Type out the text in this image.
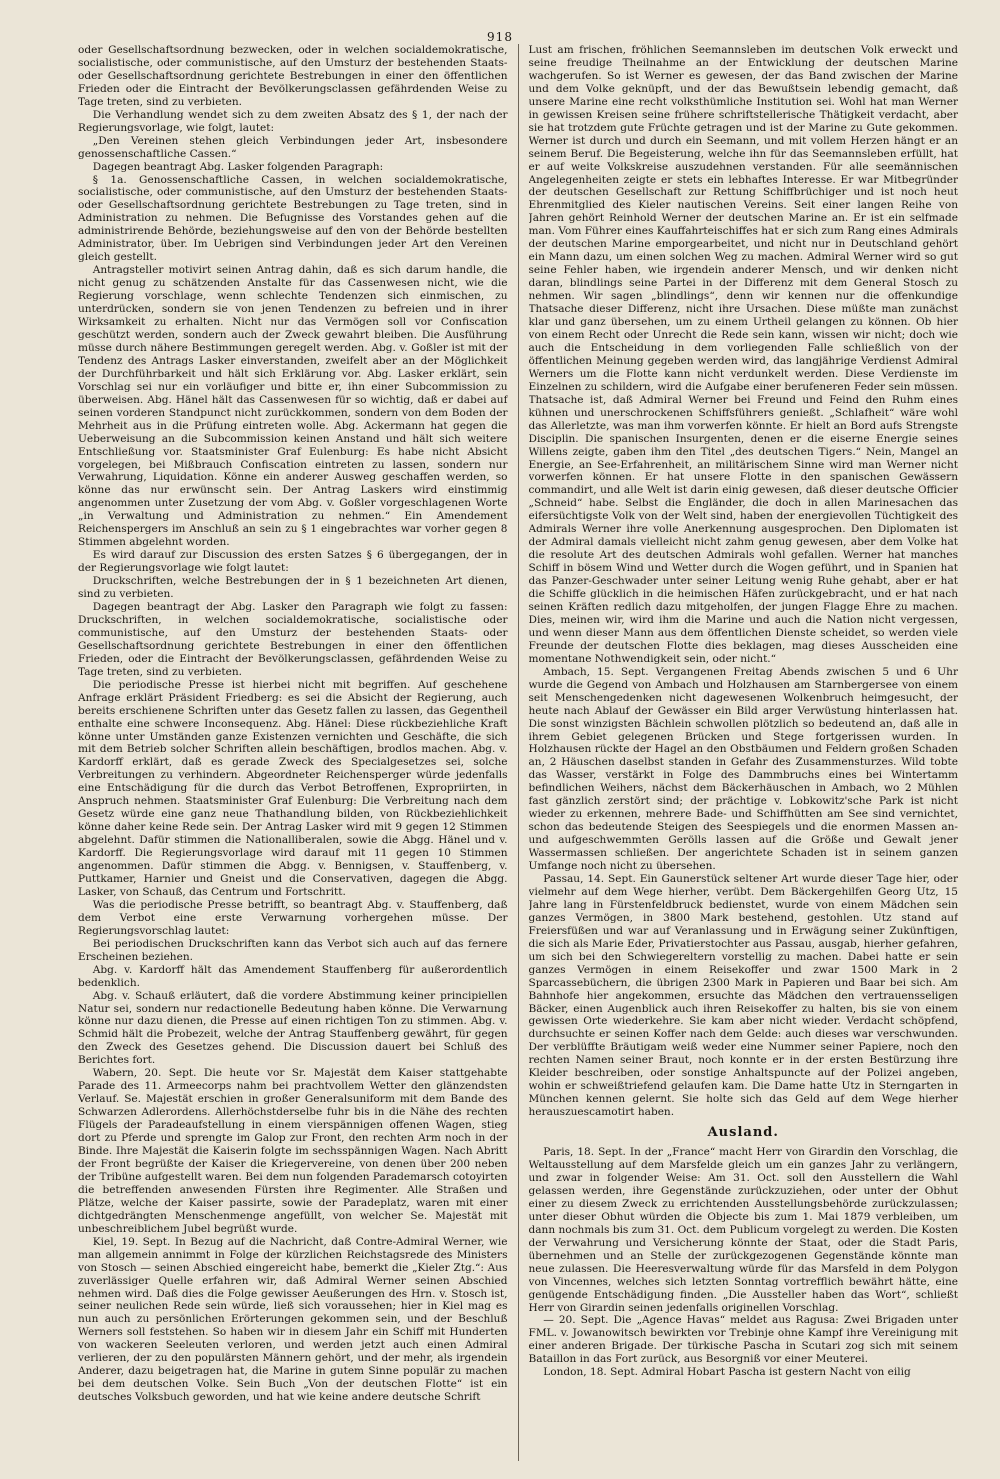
918

oder Gesellschaftsordnung bezwecken, oder in welchen socialdemokratische, socialistische, oder communistische, auf den Umsturz der bestehenden Staats- oder Gesellschaftsordnung gerichtete Bestrebungen in einer den öffentlichen Frieden oder die Eintracht der Bevölkerungsclassen gefährdenden Weise zu Tage treten, sind zu verbieten.

Die Verhandlung wendet sich zu dem zweiten Absatz des § 1, der nach der Regierungsvorlage, wie folgt, lautet:

„Den Vereinen stehen gleich Verbindungen jeder Art, insbesondere genossenschaftliche Cassen.“

Dagegen beantragt Abg. Lasker folgenden Paragraph:

§ 1a. Genossenschaftliche Cassen, in welchen socialdemokratische, socialistische, oder communistische, auf den Umsturz der bestehenden Staats- oder Gesellschaftsordnung gerichtete Bestrebungen zu Tage treten, sind in Administration zu nehmen. Die Befugnisse des Vorstandes gehen auf die administrirende Behörde, beziehungsweise auf den von der Behörde bestellten Administrator, über. Im Uebrigen sind Verbindungen jeder Art den Vereinen gleich gestellt.

Antragsteller motivirt seinen Antrag dahin, daß es sich darum handle, die nicht genug zu schätzenden Anstalte für das Cassenwesen nicht, wie die Regierung vorschlage, wenn schlechte Tendenzen sich einmischen, zu unterdrücken, sondern sie von jenen Tendenzen zu befreien und in ihrer Wirksamkeit zu erhalten. Nicht nur das Vermögen soll vor Confiscation geschützt werden, sondern auch der Zweck gewahrt bleiben. Die Ausführung müsse durch nähere Bestimmungen geregelt werden. Abg. v. Goßler ist mit der Tendenz des Antrags Lasker einverstanden, zweifelt aber an der Möglichkeit der Durchführbarkeit und hält sich Erklärung vor. Abg. Lasker erklärt, sein Vorschlag sei nur ein vorläufiger und bitte er, ihn einer Subcommission zu überweisen. Abg. Hänel hält das Cassenwesen für so wichtig, daß er dabei auf seinen vorderen Standpunct nicht zurückkommen, sondern von dem Boden der Mehrheit aus in die Prüfung eintreten wolle. Abg. Ackermann hat gegen die Ueberweisung an die Subcommission keinen Anstand und hält sich weitere Entschließung vor. Staatsminister Graf Eulenburg: Es habe nicht Absicht vorgelegen, bei Mißbrauch Confiscation eintreten zu lassen, sondern nur Verwahrung, Liquidation. Könne ein anderer Ausweg geschaffen werden, so könne das nur erwünscht sein. Der Antrag Laskers wird einstimmig angenommen unter Zusetzung der vom Abg. v. Goßler vorgeschlagenen Worte „in Verwaltung und Administration zu nehmen.“ Ein Amendement Reichenspergers im Anschluß an sein zu § 1 eingebrachtes war vorher gegen 8 Stimmen abgelehnt worden.

Es wird darauf zur Discussion des ersten Satzes § 6 übergegangen, der in der Regierungsvorlage wie folgt lautet:

Druckschriften, welche Bestrebungen der in § 1 bezeichneten Art dienen, sind zu verbieten.

Dagegen beantragt der Abg. Lasker den Paragraph wie folgt zu fassen: Druckschriften, in welchen socialdemokratische, socialistische oder communistische, auf den Umsturz der bestehenden Staats- oder Gesellschaftsordnung gerichtete Bestrebungen in einer den öffentlichen Frieden, oder die Eintracht der Bevölkerungsclassen, gefährdenden Weise zu Tage treten, sind zu verbieten.

Die periodische Presse ist hierbei nicht mit begriffen. Auf geschehene Anfrage erklärt Präsident Friedberg: es sei die Absicht der Regierung, auch bereits erschienene Schriften unter das Gesetz fallen zu lassen, das Gegentheil enthalte eine schwere Inconsequenz. Abg. Hänel: Diese rückbeziehliche Kraft könne unter Umständen ganze Existenzen vernichten und Geschäfte, die sich mit dem Betrieb solcher Schriften allein beschäftigen, brodlos machen. Abg. v. Kardorff erklärt, daß es gerade Zweck des Specialgesetzes sei, solche Verbreitungen zu verhindern. Abgeordneter Reichensperger würde jedenfalls eine Entschädigung für die durch das Verbot Betroffenen, Expropriirten, in Anspruch nehmen. Staatsminister Graf Eulenburg: Die Verbreitung nach dem Gesetz würde eine ganz neue Thathandlung bilden, von Rückbeziehlichkeit könne daher keine Rede sein. Der Antrag Lasker wird mit 9 gegen 12 Stimmen abgelehnt. Dafür stimmen die Nationalliberalen, sowie die Abgg. Hänel und v. Kardorff. Die Regierungsvorlage wird darauf mit 11 gegen 10 Stimmen angenommen. Dafür stimmen die Abgg. v. Bennigsen, v. Stauffenberg, v. Puttkamer, Harnier und Gneist und die Conservativen, dagegen die Abgg. Lasker, von Schauß, das Centrum und Fortschritt.

Was die periodische Presse betrifft, so beantragt Abg. v. Stauffenberg, daß dem Verbot eine erste Verwarnung vorhergehen müsse. Der Regierungsvorschlag lautet:

Bei periodischen Druckschriften kann das Verbot sich auch auf das fernere Erscheinen beziehen.

Abg. v. Kardorff hält das Amendement Stauffenberg für außerordentlich bedenklich.

Abg. v. Schauß erläutert, daß die vordere Abstimmung keiner principiellen Natur sei, sondern nur redactionelle Bedeutung haben könne. Die Verwarnung könne nur dazu dienen, die Presse auf einen richtigen Ton zu stimmen. Abg. v. Schmid hält die Probezeit, welche der Antrag Stauffenberg gewährt, für gegen den Zweck des Gesetzes gehend. Die Discussion dauert bei Schluß des Berichtes fort.

Wabern, 20. Sept. Die heute vor Sr. Majestät dem Kaiser stattgehabte Parade des 11. Armeecorps nahm bei prachtvollem Wetter den glänzendsten Verlauf. Se. Majestät erschien in großer Generalsuniform mit dem Bande des Schwarzen Adlerordens. Allerhöchstderselbe fuhr bis in die Nähe des rechten Flügels der Paradeaufstellung in einem vierspännigen offenen Wagen, stieg dort zu Pferde und sprengte im Galop zur Front, den rechten Arm noch in der Binde. Ihre Majestät die Kaiserin folgte im sechsspännigen Wagen. Nach Abritt der Front begrüßte der Kaiser die Kriegervereine, von denen über 200 neben der Tribüne aufgestellt waren. Bei dem nun folgenden Parademarsch cotoyirten die betreffenden anwesenden Fürsten ihre Regimenter. Alle Straßen und Plätze, welche der Kaiser passirte, sowie der Paradeplatz, waren mit einer dichtgedrängten Menschenmenge angefüllt, von welcher Se. Majestät mit unbeschreiblichem Jubel begrüßt wurde.

Kiel, 19. Sept. In Bezug auf die Nachricht, daß Contre-Admiral Werner, wie man allgemein annimmt in Folge der kürzlichen Reichstagsrede des Ministers von Stosch — seinen Abschied eingereicht habe, bemerkt die „Kieler Ztg.“: Aus zuverlässiger Quelle erfahren wir, daß Admiral Werner seinen Abschied nehmen wird. Daß dies die Folge gewisser Aeußerungen des Hrn. v. Stosch ist, seiner neulichen Rede sein würde, ließ sich voraussehen; hier in Kiel mag es nun auch zu persönlichen Erörterungen gekommen sein, und der Beschluß Werners soll feststehen. So haben wir in diesem Jahr ein Schiff mit Hunderten von wackeren Seeleuten verloren, und werden jetzt auch einen Admiral verlieren, der zu den populärsten Männern gehört, und der mehr, als irgendein Anderer, dazu beigetragen hat, die Marine in gutem Sinne populär zu machen bei dem deutschen Volke. Sein Buch „Von der deutschen Flotte“ ist ein deutsches Volksbuch geworden, und hat wie keine andere deutsche Schrift

Lust am frischen, fröhlichen Seemannsleben im deutschen Volk erweckt und seine freudige Theilnahme an der Entwicklung der deutschen Marine wachgerufen. So ist Werner es gewesen, der das Band zwischen der Marine und dem Volke geknüpft, und der das Bewußtsein lebendig gemacht, daß unsere Marine eine recht volksthümliche Institution sei. Wohl hat man Werner in gewissen Kreisen seine frühere schriftstellerische Thätigkeit verdacht, aber sie hat trotzdem gute Früchte getragen und ist der Marine zu Gute gekommen. Werner ist durch und durch ein Seemann, und mit vollem Herzen hängt er an seinem Beruf. Die Begeisterung, welche ihn für das Seemannsleben erfüllt, hat er auf weite Volkskreise auszudehnen verstanden. Für alle seemännischen Angelegenheiten zeigte er stets ein lebhaftes Interesse. Er war Mitbegründer der deutschen Gesellschaft zur Rettung Schiffbrüchiger und ist noch heut Ehrenmitglied des Kieler nautischen Vereins. Seit einer langen Reihe von Jahren gehört Reinhold Werner der deutschen Marine an. Er ist ein selfmade man. Vom Führer eines Kauffahrteischiffes hat er sich zum Rang eines Admirals der deutschen Marine emporgearbeitet, und nicht nur in Deutschland gehört ein Mann dazu, um einen solchen Weg zu machen. Admiral Werner wird so gut seine Fehler haben, wie irgendein anderer Mensch, und wir denken nicht daran, blindlings seine Partei in der Differenz mit dem General Stosch zu nehmen. Wir sagen „blindlings“, denn wir kennen nur die offenkundige Thatsache dieser Differenz, nicht ihre Ursachen. Diese müßte man zunächst klar und ganz übersehen, um zu einem Urtheil gelangen zu können. Ob hier von einem Recht oder Unrecht die Rede sein kann, wissen wir nicht; doch wie auch die Entscheidung in dem vorliegenden Falle schließlich von der öffentlichen Meinung gegeben werden wird, das langjährige Verdienst Admiral Werners um die Flotte kann nicht verdunkelt werden. Diese Verdienste im Einzelnen zu schildern, wird die Aufgabe einer berufeneren Feder sein müssen. Thatsache ist, daß Admiral Werner bei Freund und Feind den Ruhm eines kühnen und unerschrockenen Schiffsführers genießt. „Schlafheit“ wäre wohl das Allerletzte, was man ihm vorwerfen könnte. Er hielt an Bord aufs Strengste Disciplin. Die spanischen Insurgenten, denen er die eiserne Energie seines Willens zeigte, gaben ihm den Titel „des deutschen Tigers.“ Nein, Mangel an Energie, an See-Erfahrenheit, an militärischem Sinne wird man Werner nicht vorwerfen können. Er hat unsere Flotte in den spanischen Gewässern commandirt, und alle Welt ist darin einig gewesen, daß dieser deutsche Officier „Schneid“ habe. Selbst die Engländer, die doch in allen Marinesachen das eifersüchtigste Volk von der Welt sind, haben der energievollen Tüchtigkeit des Admirals Werner ihre volle Anerkennung ausgesprochen. Den Diplomaten ist der Admiral damals vielleicht nicht zahm genug gewesen, aber dem Volke hat die resolute Art des deutschen Admirals wohl gefallen. Werner hat manches Schiff in bösem Wind und Wetter durch die Wogen geführt, und in Spanien hat das Panzer-Geschwader unter seiner Leitung wenig Ruhe gehabt, aber er hat die Schiffe glücklich in die heimischen Häfen zurückgebracht, und er hat nach seinen Kräften redlich dazu mitgeholfen, der jungen Flagge Ehre zu machen. Dies, meinen wir, wird ihm die Marine und auch die Nation nicht vergessen, und wenn dieser Mann aus dem öffentlichen Dienste scheidet, so werden viele Freunde der deutschen Flotte dies beklagen, mag dieses Ausscheiden eine momentane Nothwendigkeit sein, oder nicht.“

Ambach, 15. Sept. Vergangenen Freitag Abends zwischen 5 und 6 Uhr wurde die Gegend von Ambach und Holzhausen am Starnbergersee von einem seit Menschengedenken nicht dagewesenen Wolkenbruch heimgesucht, der heute nach Ablauf der Gewässer ein Bild arger Verwüstung hinterlassen hat. Die sonst winzigsten Bächlein schwollen plötzlich so bedeutend an, daß alle in ihrem Gebiet gelegenen Brücken und Stege fortgerissen wurden. In Holzhausen rückte der Hagel an den Obstbäumen und Feldern großen Schaden an, 2 Häuschen daselbst standen in Gefahr des Zusammensturzes. Wild tobte das Wasser, verstärkt in Folge des Dammbruchs eines bei Wintertamm befindlichen Weihers, nächst dem Bäckerhäuschen in Ambach, wo 2 Mühlen fast gänzlich zerstört sind; der prächtige v. Lobkowitz'sche Park ist nicht wieder zu erkennen, mehrere Bade- und Schiffhütten am See sind vernichtet, schon das bedeutende Steigen des Seespiegels und die enormen Massen an- und aufgeschwemmten Gerölls lassen auf die Größe und Gewalt jener Wassermassen schließen. Der angerichtete Schaden ist in seinem ganzen Umfange noch nicht zu übersehen.

Passau, 14. Sept. Ein Gaunerstück seltener Art wurde dieser Tage hier, oder vielmehr auf dem Wege hierher, verübt. Dem Bäckergehilfen Georg Utz, 15 Jahre lang in Fürstenfeldbruck bedienstet, wurde von einem Mädchen sein ganzes Vermögen, in 3800 Mark bestehend, gestohlen. Utz stand auf Freiersfüßen und war auf Veranlassung und in Erwägung seiner Zukünftigen, die sich als Marie Eder, Privatierstochter aus Passau, ausgab, hierher gefahren, um sich bei den Schwiegereltern vorstellig zu machen. Dabei hatte er sein ganzes Vermögen in einem Reisekoffer und zwar 1500 Mark in 2 Sparcassebüchern, die übrigen 2300 Mark in Papieren und Baar bei sich. Am Bahnhofe hier angekommen, ersuchte das Mädchen den vertrauensseligen Bäcker, einen Augenblick auch ihren Reisekoffer zu halten, bis sie von einem gewissen Orte wiederkehre. Sie kam aber nicht wieder. Verdacht schöpfend, durchsuchte er seinen Koffer nach dem Gelde: auch dieses war verschwunden. Der verblüffte Bräutigam weiß weder eine Nummer seiner Papiere, noch den rechten Namen seiner Braut, noch konnte er in der ersten Bestürzung ihre Kleider beschreiben, oder sonstige Anhaltspuncte auf der Polizei angeben, wohin er schweißtriefend gelaufen kam. Die Dame hatte Utz in Sterngarten in München kennen gelernt. Sie holte sich das Geld auf dem Wege hierher herauszuescamotirt haben.

Ausland.

Paris, 18. Sept. In der „France“ macht Herr von Girardin den Vorschlag, die Weltausstellung auf dem Marsfelde gleich um ein ganzes Jahr zu verlängern, und zwar in folgender Weise: Am 31. Oct. soll den Ausstellern die Wahl gelassen werden, ihre Gegenstände zurückzuziehen, oder unter der Obhut einer zu diesem Zweck zu errichtenden Ausstellungsbehörde zurückzulassen; unter dieser Obhut würden die Objecte bis zum 1. Mai 1879 verbleiben, um dann nochmals bis zum 31. Oct. dem Publicum vorgelegt zu werden. Die Kosten der Verwahrung und Versicherung könnte der Staat, oder die Stadt Paris, übernehmen und an Stelle der zurückgezogenen Gegenstände könnte man neue zulassen. Die Heeresverwaltung würde für das Marsfeld in dem Polygon von Vincennes, welches sich letzten Sonntag vortrefflich bewährt hätte, eine genügende Entschädigung finden. „Die Aussteller haben das Wort“, schließt Herr von Girardin seinen jedenfalls originellen Vorschlag.

— 20. Sept. Die „Agence Havas“ meldet aus Ragusa: Zwei Brigaden unter FML. v. Jowanowitsch bewirkten vor Trebinje ohne Kampf ihre Vereinigung mit einer anderen Brigade. Der türkische Pascha in Scutari zog sich mit seinem Bataillon in das Fort zurück, aus Besorgniß vor einer Meuterei.

London, 18. Sept. Admiral Hobart Pascha ist gestern Nacht von eilig
